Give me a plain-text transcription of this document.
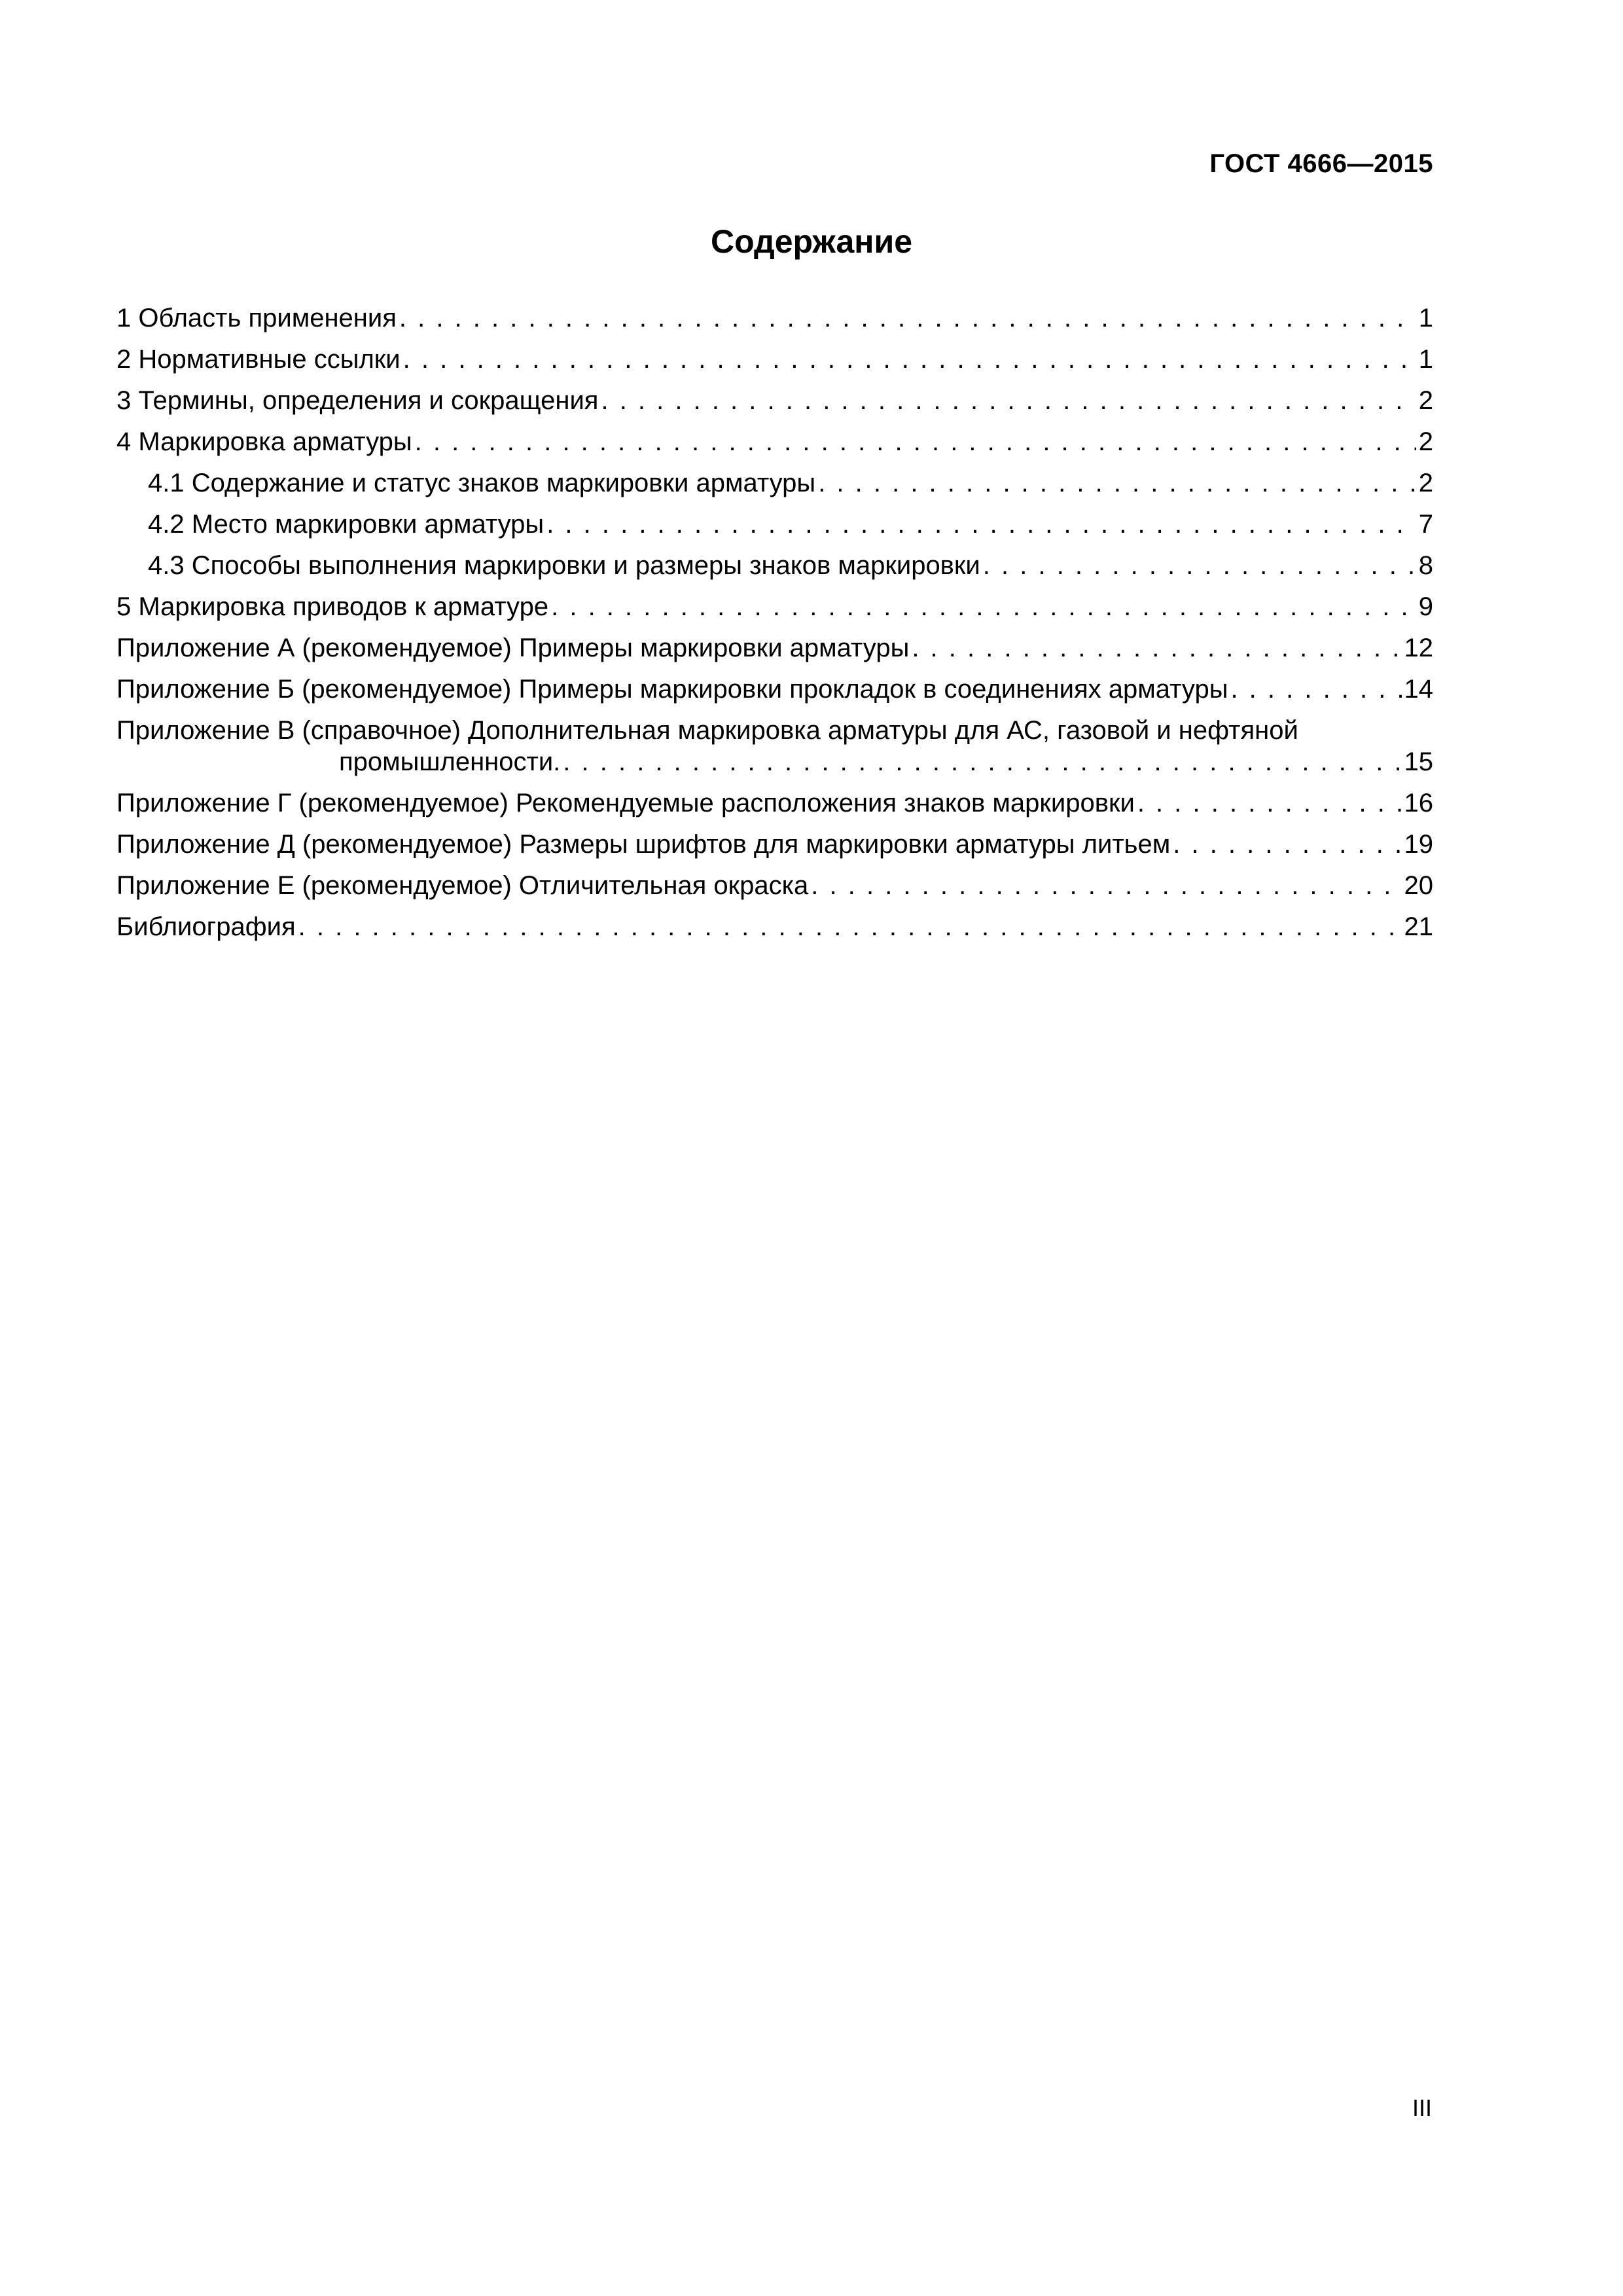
ГОСТ 4666—2015
Содержание
1 Область применения . . .	1
2 Нормативные ссылки . . .	1
3 Термины, определения и сокращения . . .	2
4 Маркировка арматуры . . .	2
4.1 Содержание и статус знаков маркировки арматуры . . .	2
4.2 Место маркировки арматуры . . .	7
4.3 Способы выполнения маркировки и размеры знаков маркировки . . .	8
5 Маркировка приводов к арматуре . . .	9
Приложение А (рекомендуемое) Примеры маркировки арматуры . . .	12
Приложение Б (рекомендуемое) Примеры маркировки прокладок в соединениях арматуры . . .	14
Приложение В (справочное) Дополнительная маркировка арматуры для АС, газовой и нефтяной
промышленности. . . .	15
Приложение Г (рекомендуемое) Рекомендуемые расположения знаков маркировки . . .	16
Приложение Д (рекомендуемое) Размеры шрифтов для маркировки арматуры литьем . . .	19
Приложение Е (рекомендуемое) Отличительная окраска . . .	20
Библиография . . .	21
III
